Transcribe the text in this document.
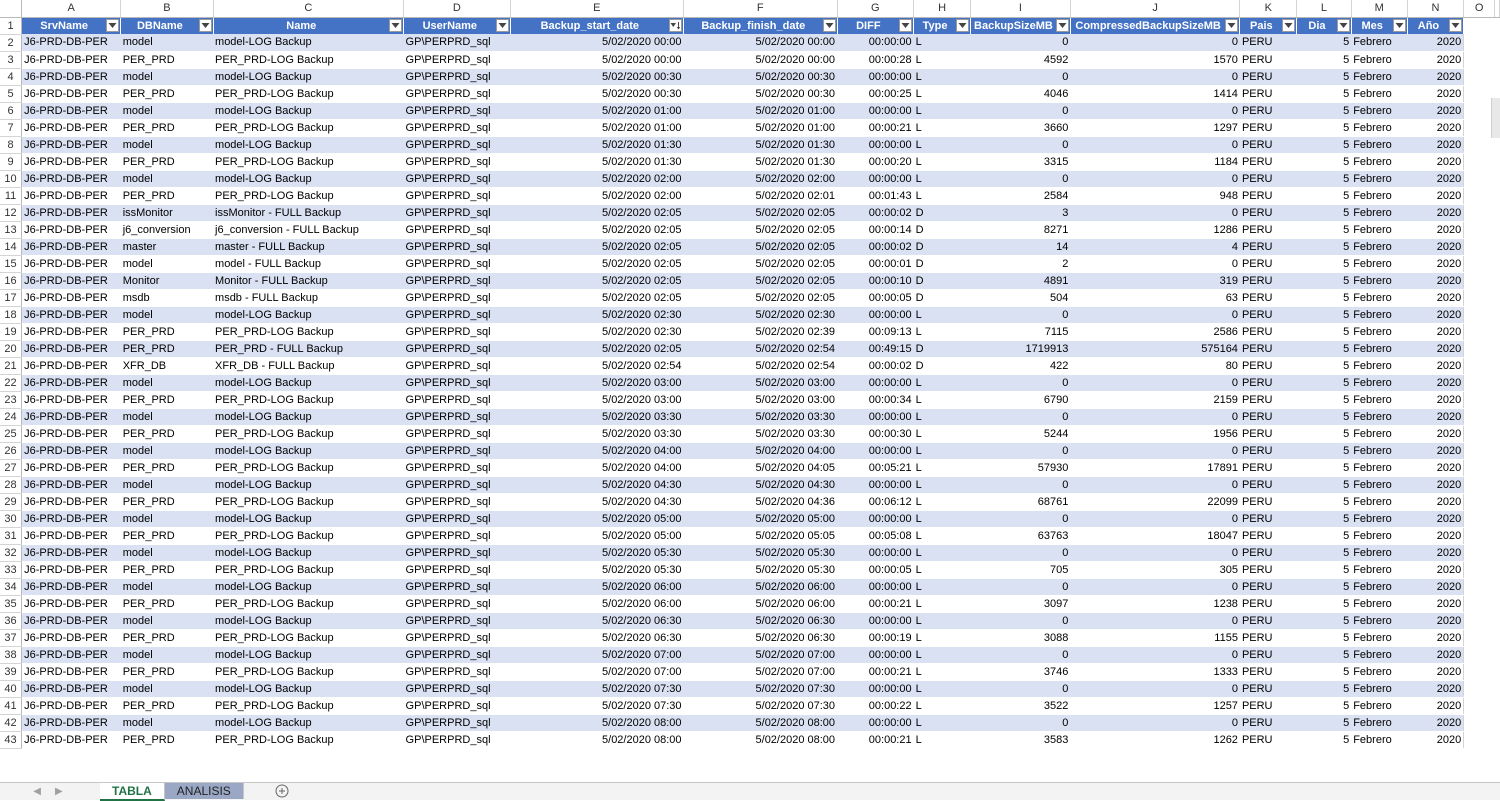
	A	B	C	D	E	F	G	H	I	J	K	L	M	N	O	
1	SrvName	DBName	Name	UserName	Backup_start_date	Backup_finish_date	DIFF	Type	BackupSizeMB	CompressedBackupSizeMB	Pais	Dia	Mes	Año	

2	J6-PRD-DB-PER	model	model-LOG Backup	GP\PERPRD_sql	5/02/2020 00:00	5/02/2020 00:00	00:00:00	L	0	0	PERU	5	Febrero	2020		
3	J6-PRD-DB-PER	PER_PRD	PER_PRD-LOG Backup	GP\PERPRD_sql	5/02/2020 00:00	5/02/2020 00:00	00:00:28	L	4592	1570	PERU	5	Febrero	2020		
4	J6-PRD-DB-PER	model	model-LOG Backup	GP\PERPRD_sql	5/02/2020 00:30	5/02/2020 00:30	00:00:00	L	0	0	PERU	5	Febrero	2020		
5	J6-PRD-DB-PER	PER_PRD	PER_PRD-LOG Backup	GP\PERPRD_sql	5/02/2020 00:30	5/02/2020 00:30	00:00:25	L	4046	1414	PERU	5	Febrero	2020		
6	J6-PRD-DB-PER	model	model-LOG Backup	GP\PERPRD_sql	5/02/2020 01:00	5/02/2020 01:00	00:00:00	L	0	0	PERU	5	Febrero	2020		
7	J6-PRD-DB-PER	PER_PRD	PER_PRD-LOG Backup	GP\PERPRD_sql	5/02/2020 01:00	5/02/2020 01:00	00:00:21	L	3660	1297	PERU	5	Febrero	2020		
8	J6-PRD-DB-PER	model	model-LOG Backup	GP\PERPRD_sql	5/02/2020 01:30	5/02/2020 01:30	00:00:00	L	0	0	PERU	5	Febrero	2020		
9	J6-PRD-DB-PER	PER_PRD	PER_PRD-LOG Backup	GP\PERPRD_sql	5/02/2020 01:30	5/02/2020 01:30	00:00:20	L	3315	1184	PERU	5	Febrero	2020		
10	J6-PRD-DB-PER	model	model-LOG Backup	GP\PERPRD_sql	5/02/2020 02:00	5/02/2020 02:00	00:00:00	L	0	0	PERU	5	Febrero	2020		
11	J6-PRD-DB-PER	PER_PRD	PER_PRD-LOG Backup	GP\PERPRD_sql	5/02/2020 02:00	5/02/2020 02:01	00:01:43	L	2584	948	PERU	5	Febrero	2020		
12	J6-PRD-DB-PER	issMonitor	issMonitor - FULL Backup	GP\PERPRD_sql	5/02/2020 02:05	5/02/2020 02:05	00:00:02	D	3	0	PERU	5	Febrero	2020		
13	J6-PRD-DB-PER	j6_conversion	j6_conversion - FULL Backup	GP\PERPRD_sql	5/02/2020 02:05	5/02/2020 02:05	00:00:14	D	8271	1286	PERU	5	Febrero	2020		
14	J6-PRD-DB-PER	master	master - FULL Backup	GP\PERPRD_sql	5/02/2020 02:05	5/02/2020 02:05	00:00:02	D	14	4	PERU	5	Febrero	2020		
15	J6-PRD-DB-PER	model	model - FULL Backup	GP\PERPRD_sql	5/02/2020 02:05	5/02/2020 02:05	00:00:01	D	2	0	PERU	5	Febrero	2020		
16	J6-PRD-DB-PER	Monitor	Monitor - FULL Backup	GP\PERPRD_sql	5/02/2020 02:05	5/02/2020 02:05	00:00:10	D	4891	319	PERU	5	Febrero	2020		
17	J6-PRD-DB-PER	msdb	msdb - FULL Backup	GP\PERPRD_sql	5/02/2020 02:05	5/02/2020 02:05	00:00:05	D	504	63	PERU	5	Febrero	2020		
18	J6-PRD-DB-PER	model	model-LOG Backup	GP\PERPRD_sql	5/02/2020 02:30	5/02/2020 02:30	00:00:00	L	0	0	PERU	5	Febrero	2020		
19	J6-PRD-DB-PER	PER_PRD	PER_PRD-LOG Backup	GP\PERPRD_sql	5/02/2020 02:30	5/02/2020 02:39	00:09:13	L	7115	2586	PERU	5	Febrero	2020		
20	J6-PRD-DB-PER	PER_PRD	PER_PRD - FULL Backup	GP\PERPRD_sql	5/02/2020 02:05	5/02/2020 02:54	00:49:15	D	1719913	575164	PERU	5	Febrero	2020		
21	J6-PRD-DB-PER	XFR_DB	XFR_DB - FULL Backup	GP\PERPRD_sql	5/02/2020 02:54	5/02/2020 02:54	00:00:02	D	422	80	PERU	5	Febrero	2020		
22	J6-PRD-DB-PER	model	model-LOG Backup	GP\PERPRD_sql	5/02/2020 03:00	5/02/2020 03:00	00:00:00	L	0	0	PERU	5	Febrero	2020		
23	J6-PRD-DB-PER	PER_PRD	PER_PRD-LOG Backup	GP\PERPRD_sql	5/02/2020 03:00	5/02/2020 03:00	00:00:34	L	6790	2159	PERU	5	Febrero	2020		
24	J6-PRD-DB-PER	model	model-LOG Backup	GP\PERPRD_sql	5/02/2020 03:30	5/02/2020 03:30	00:00:00	L	0	0	PERU	5	Febrero	2020		
25	J6-PRD-DB-PER	PER_PRD	PER_PRD-LOG Backup	GP\PERPRD_sql	5/02/2020 03:30	5/02/2020 03:30	00:00:30	L	5244	1956	PERU	5	Febrero	2020		
26	J6-PRD-DB-PER	model	model-LOG Backup	GP\PERPRD_sql	5/02/2020 04:00	5/02/2020 04:00	00:00:00	L	0	0	PERU	5	Febrero	2020		
27	J6-PRD-DB-PER	PER_PRD	PER_PRD-LOG Backup	GP\PERPRD_sql	5/02/2020 04:00	5/02/2020 04:05	00:05:21	L	57930	17891	PERU	5	Febrero	2020		
28	J6-PRD-DB-PER	model	model-LOG Backup	GP\PERPRD_sql	5/02/2020 04:30	5/02/2020 04:30	00:00:00	L	0	0	PERU	5	Febrero	2020		
29	J6-PRD-DB-PER	PER_PRD	PER_PRD-LOG Backup	GP\PERPRD_sql	5/02/2020 04:30	5/02/2020 04:36	00:06:12	L	68761	22099	PERU	5	Febrero	2020		
30	J6-PRD-DB-PER	model	model-LOG Backup	GP\PERPRD_sql	5/02/2020 05:00	5/02/2020 05:00	00:00:00	L	0	0	PERU	5	Febrero	2020		
31	J6-PRD-DB-PER	PER_PRD	PER_PRD-LOG Backup	GP\PERPRD_sql	5/02/2020 05:00	5/02/2020 05:05	00:05:08	L	63763	18047	PERU	5	Febrero	2020		
32	J6-PRD-DB-PER	model	model-LOG Backup	GP\PERPRD_sql	5/02/2020 05:30	5/02/2020 05:30	00:00:00	L	0	0	PERU	5	Febrero	2020		
33	J6-PRD-DB-PER	PER_PRD	PER_PRD-LOG Backup	GP\PERPRD_sql	5/02/2020 05:30	5/02/2020 05:30	00:00:05	L	705	305	PERU	5	Febrero	2020		
34	J6-PRD-DB-PER	model	model-LOG Backup	GP\PERPRD_sql	5/02/2020 06:00	5/02/2020 06:00	00:00:00	L	0	0	PERU	5	Febrero	2020		
35	J6-PRD-DB-PER	PER_PRD	PER_PRD-LOG Backup	GP\PERPRD_sql	5/02/2020 06:00	5/02/2020 06:00	00:00:21	L	3097	1238	PERU	5	Febrero	2020		
36	J6-PRD-DB-PER	model	model-LOG Backup	GP\PERPRD_sql	5/02/2020 06:30	5/02/2020 06:30	00:00:00	L	0	0	PERU	5	Febrero	2020		
37	J6-PRD-DB-PER	PER_PRD	PER_PRD-LOG Backup	GP\PERPRD_sql	5/02/2020 06:30	5/02/2020 06:30	00:00:19	L	3088	1155	PERU	5	Febrero	2020		
38	J6-PRD-DB-PER	model	model-LOG Backup	GP\PERPRD_sql	5/02/2020 07:00	5/02/2020 07:00	00:00:00	L	0	0	PERU	5	Febrero	2020		
39	J6-PRD-DB-PER	PER_PRD	PER_PRD-LOG Backup	GP\PERPRD_sql	5/02/2020 07:00	5/02/2020 07:00	00:00:21	L	3746	1333	PERU	5	Febrero	2020		
40	J6-PRD-DB-PER	model	model-LOG Backup	GP\PERPRD_sql	5/02/2020 07:30	5/02/2020 07:30	00:00:00	L	0	0	PERU	5	Febrero	2020		
41	J6-PRD-DB-PER	PER_PRD	PER_PRD-LOG Backup	GP\PERPRD_sql	5/02/2020 07:30	5/02/2020 07:30	00:00:22	L	3522	1257	PERU	5	Febrero	2020		
42	J6-PRD-DB-PER	model	model-LOG Backup	GP\PERPRD_sql	5/02/2020 08:00	5/02/2020 08:00	00:00:00	L	0	0	PERU	5	Febrero	2020		
43	J6-PRD-DB-PER	PER_PRD	PER_PRD-LOG Backup	GP\PERPRD_sql	5/02/2020 08:00	5/02/2020 08:00	00:00:21	L	3583	1262	PERU	5	Febrero	2020		
◀ ▶	TABLA	ANALISIS
